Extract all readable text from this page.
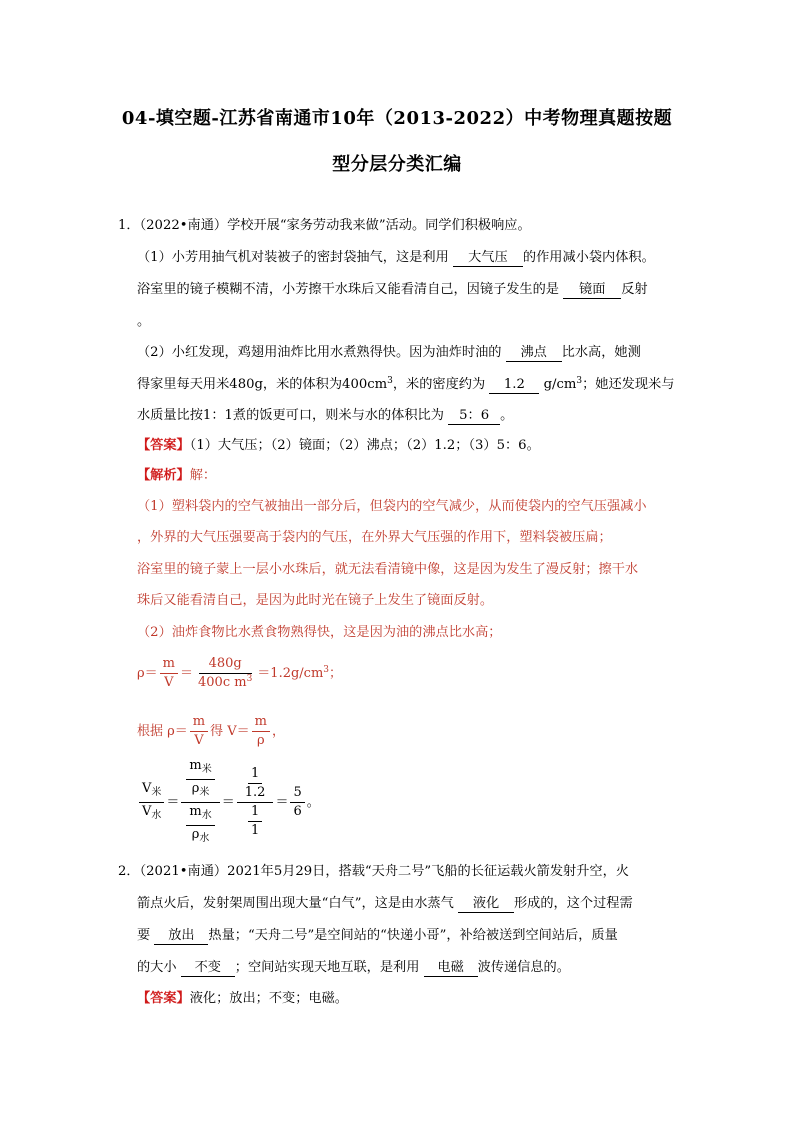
04-填空题-江苏省南通市10年（2013-2022）中考物理真题按题
型分层分类汇编
1．（2022•南通）学校开展“家务劳动我来做”活动。同学们积极响应。
（1）小芳用抽气机对装被子的密封袋抽气，这是利用 大气压 的作用减小袋内体积。
浴室里的镜子模糊不清，小芳擦干水珠后又能看清自己，因镜子发生的是 镜面 反射
。
（2）小红发现，鸡翅用油炸比用水煮熟得快。因为油炸时油的 沸点 比水高，她测
得家里每天用米480g，米的体积为$400cm^3$，米的密度约为 1.2 $g/cm^3$；她还发现米与
水质量比按1：1煮的饭更可口，则米与水的体积比为 5：6 。
【答案】（1）大气压；（2）镜面；（2）沸点；（2）1.2；（3）5：6。
【解析】解：
（1）塑料袋内的空气被抽出一部分后，但袋内的空气减少，从而使袋内的空气压强减小
，外界的大气压强要高于袋内的气压，在外界大气压强的作用下，塑料袋被压扁；
浴室里的镜子蒙上一层小水珠后，就无法看清镜中像，这是因为发生了漫反射；擦干水
珠后又能看清自己，是因为此时光在镜子上发生了镜面反射。
（2）油炸食物比水煮食物熟得快，这是因为油的沸点比水高；
$\rho= \frac{m}{V} = \frac{480g}{400c m^3} =1.2g/cm^3$；
根据 $\rho= \frac{m}{V}$ 得 $V= \frac{m}{\rho}$ ，
$\frac{V_米}{V_水} = \frac{\frac{m_米}{\rho_米}}{\frac{m_水}{\rho_水}} = \frac{\frac{1}{1.2}}{\frac{1}{1}} = \frac{5}{6}$ 。
2．（2021•南通）2021年5月29日，搭载“天舟二号”飞船的长征运载火箭发射升空，火
箭点火后，发射架周围出现大量“白气”，这是由水蒸气 液化 形成的，这个过程需
要 放出 热量；“天舟二号”是空间站的“快递小哥”，补给被送到空间站后，质量
的大小 不变 ；空间站实现天地互联，是利用 电磁 波传递信息的。
【答案】液化；放出；不变；电磁。
